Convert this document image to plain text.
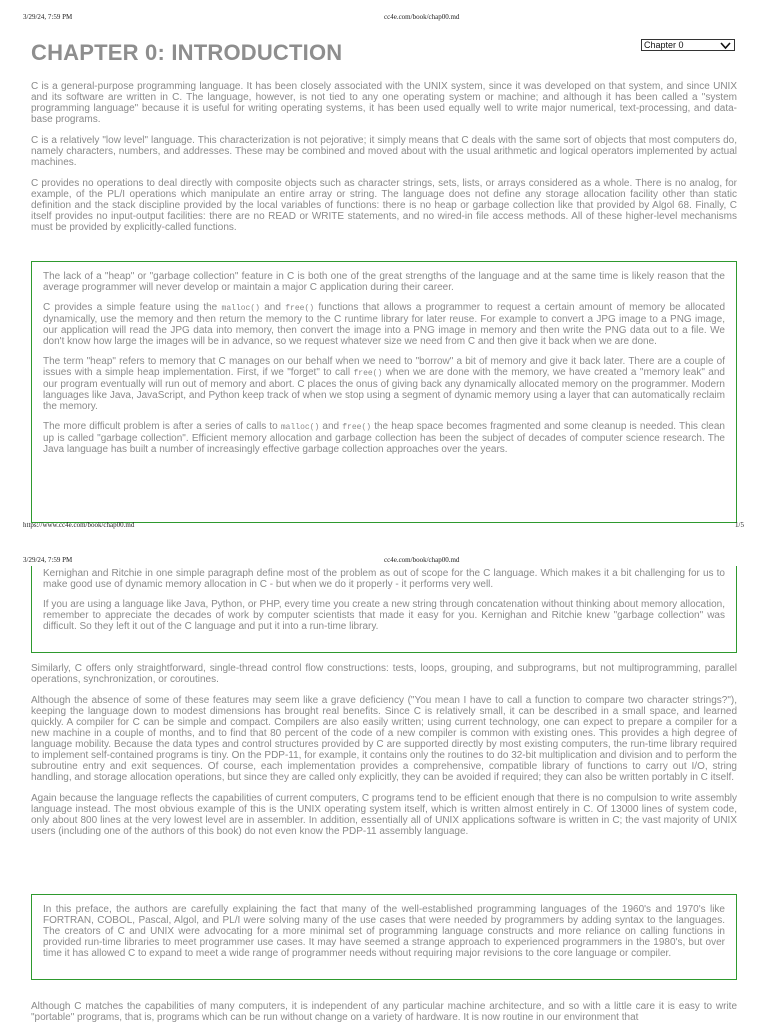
3/29/24, 7:59 PM	cc4e.com/book/chap00.md
CHAPTER 0: INTRODUCTION	Chapter 0

C is a general-purpose programming language. It has been closely associated with the UNIX system, since it was developed on that system, and since UNIX and its software are written in C. The language, however, is not tied to any one operating system or machine; and although it has been called a "system programming language" because it is useful for writing operating systems, it has been used equally well to write major numerical, text-processing, and data-base programs.

C is a relatively "low level" language. This characterization is not pejorative; it simply means that C deals with the same sort of objects that most computers do, namely characters, numbers, and addresses. These may be combined and moved about with the usual arithmetic and logical operators implemented by actual machines.

C provides no operations to deal directly with composite objects such as character strings, sets, lists, or arrays considered as a whole. There is no analog, for example, of the PL/I operations which manipulate an entire array or string. The language does not define any storage allocation facility other than static definition and the stack discipline provided by the local variables of functions: there is no heap or garbage collection like that provided by Algol 68. Finally, C itself provides no input-output facilities: there are no READ or WRITE statements, and no wired-in file access methods. All of these higher-level mechanisms must be provided by explicitly-called functions.

The lack of a "heap" or "garbage collection" feature in C is both one of the great strengths of the language and at the same time is likely reason that the average programmer will never develop or maintain a major C application during their career.

C provides a simple feature using the malloc() and free() functions that allows a programmer to request a certain amount of memory be allocated dynamically, use the memory and then return the memory to the C runtime library for later reuse. For example to convert a JPG image to a PNG image, our application will read the JPG data into memory, then convert the image into a PNG image in memory and then write the PNG data out to a file. We don't know how large the images will be in advance, so we request whatever size we need from C and then give it back when we are done.

The term "heap" refers to memory that C manages on our behalf when we need to "borrow" a bit of memory and give it back later. There are a couple of issues with a simple heap implementation. First, if we "forget" to call free() when we are done with the memory, we have created a "memory leak" and our program eventually will run out of memory and abort. C places the onus of giving back any dynamically allocated memory on the programmer. Modern languages like Java, JavaScript, and Python keep track of when we stop using a segment of dynamic memory using a layer that can automatically reclaim the memory.

The more difficult problem is after a series of calls to malloc() and free() the heap space becomes fragmented and some cleanup is needed. This clean up is called "garbage collection". Efficient memory allocation and garbage collection has been the subject of decades of computer science research. The Java language has built a number of increasingly effective garbage collection approaches over the years.

https://www.cc4e.com/book/chap00.md	1/5
3/29/24, 7:59 PM	cc4e.com/book/chap00.md

Kernighan and Ritchie in one simple paragraph define most of the problem as out of scope for the C language. Which makes it a bit challenging for us to make good use of dynamic memory allocation in C - but when we do it properly - it performs very well.

If you are using a language like Java, Python, or PHP, every time you create a new string through concatenation without thinking about memory allocation, remember to appreciate the decades of work by computer scientists that made it easy for you. Kernighan and Ritchie knew "garbage collection" was difficult. So they left it out of the C language and put it into a run-time library.

Similarly, C offers only straightforward, single-thread control flow constructions: tests, loops, grouping, and subprograms, but not multiprogramming, parallel operations, synchronization, or coroutines.

Although the absence of some of these features may seem like a grave deficiency ("You mean I have to call a function to compare two character strings?"), keeping the language down to modest dimensions has brought real benefits. Since C is relatively small, it can be described in a small space, and learned quickly. A compiler for C can be simple and compact. Compilers are also easily written; using current technology, one can expect to prepare a compiler for a new machine in a couple of months, and to find that 80 percent of the code of a new compiler is common with existing ones. This provides a high degree of language mobility. Because the data types and control structures provided by C are supported directly by most existing computers, the run-time library required to implement self-contained programs is tiny. On the PDP-11, for example, it contains only the routines to do 32-bit multiplication and division and to perform the subroutine entry and exit sequences. Of course, each implementation provides a comprehensive, compatible library of functions to carry out I/O, string handling, and storage allocation operations, but since they are called only explicitly, they can be avoided if required; they can also be written portably in C itself.

Again because the language reflects the capabilities of current computers, C programs tend to be efficient enough that there is no compulsion to write assembly language instead. The most obvious example of this is the UNIX operating system itself, which is written almost entirely in C. Of 13000 lines of system code, only about 800 lines at the very lowest level are in assembler. In addition, essentially all of UNIX applications software is written in C; the vast majority of UNIX users (including one of the authors of this book) do not even know the PDP-11 assembly language.

In this preface, the authors are carefully explaining the fact that many of the well-established programming languages of the 1960's and 1970's like FORTRAN, COBOL, Pascal, Algol, and PL/I were solving many of the use cases that were needed by programmers by adding syntax to the languages. The creators of C and UNIX were advocating for a more minimal set of programming language constructs and more reliance on calling functions in provided run-time libraries to meet programmer use cases. It may have seemed a strange approach to experienced programmers in the 1980's, but over time it has allowed C to expand to meet a wide range of programmer needs without requiring major revisions to the core language or compiler.

Although C matches the capabilities of many computers, it is independent of any particular machine architecture, and so with a little care it is easy to write "portable" programs, that is, programs which can be run without change on a variety of hardware. It is now routine in our environment that
